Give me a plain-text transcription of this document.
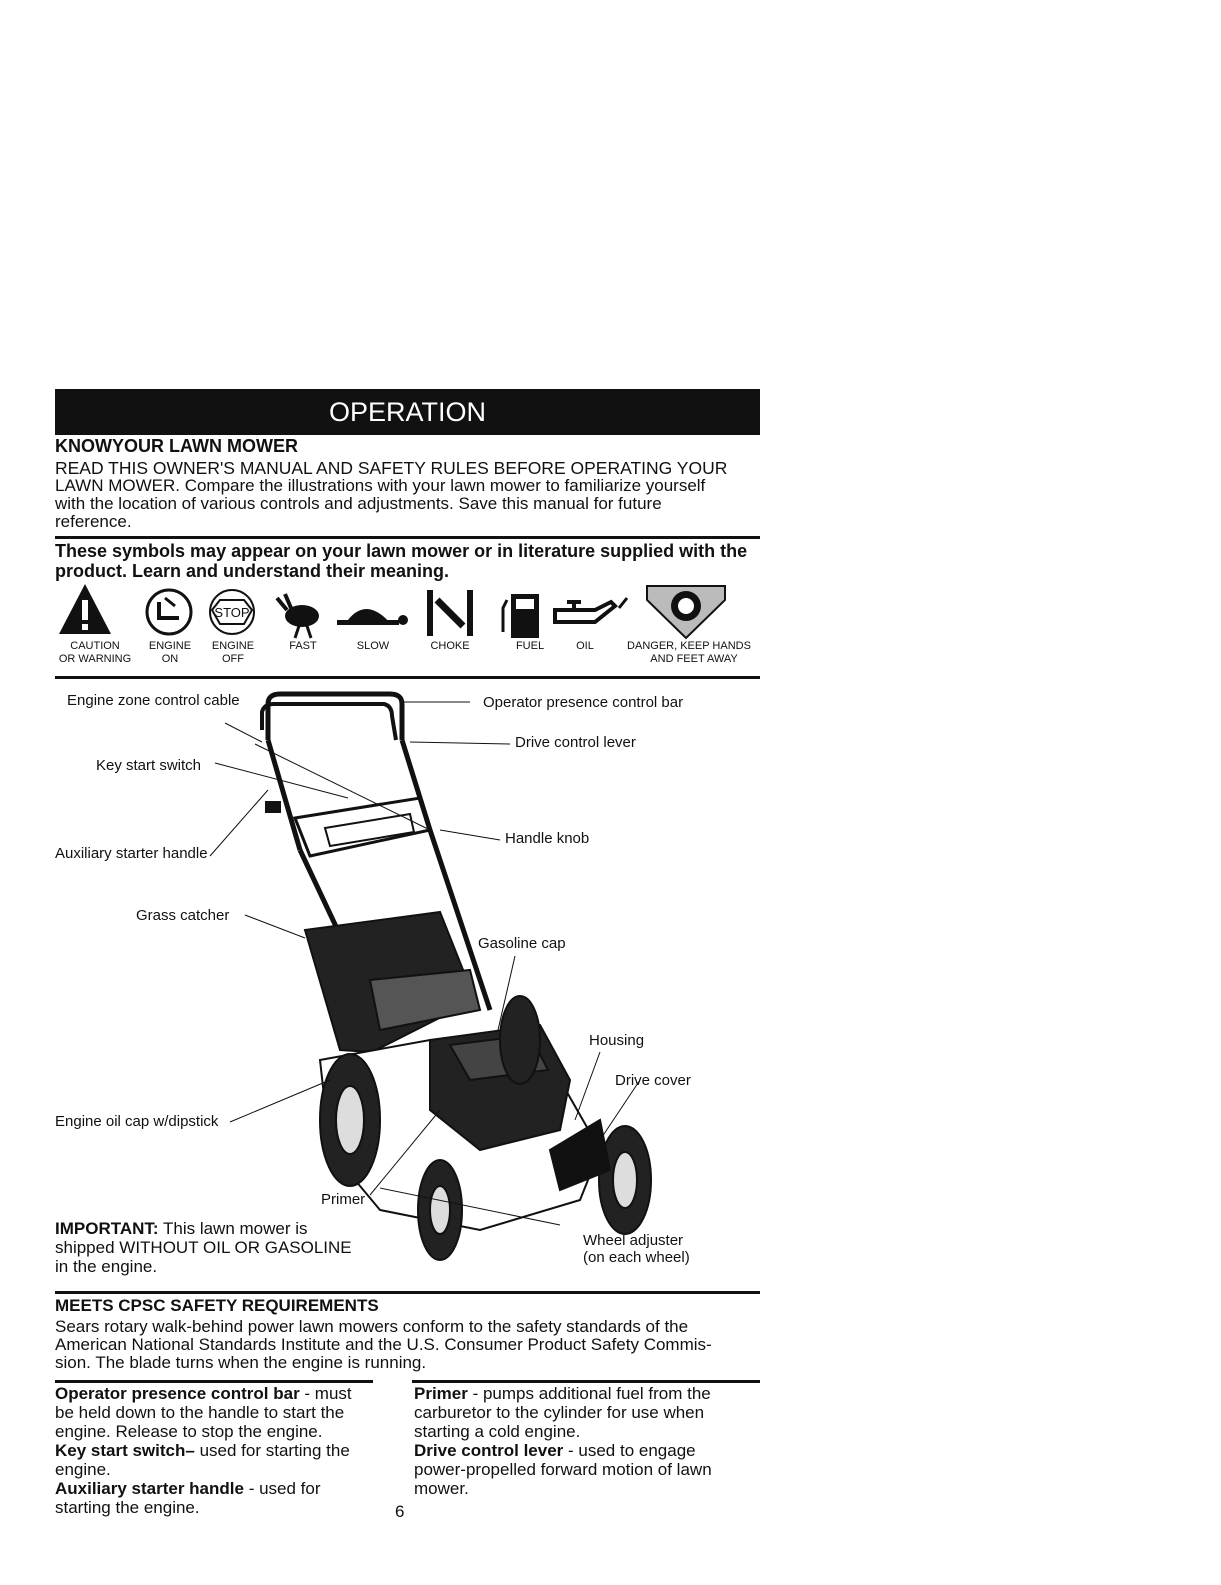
OPERATION
KNOWYOUR LAWN MOWER
READ THIS OWNER'S MANUAL AND SAFETY RULES BEFORE OPERATING YOUR
LAWN MOWER. Compare the illustrations with your lawn mower to familiarize yourself
with the location of various controls and adjustments. Save this manual for future
reference.
These symbols may appear on your lawn mower or in literature supplied with the
product. Learn and understand their meaning.
STOP
CAUTION
OR WARNING
ENGINE
ON
ENGINE
OFF
FAST	SLOW	CHOKE	FUEL	OIL	DANGER, KEEP HANDS
AND FEET AWAY
Engine zone control cable
Key start switch
Auxiliary starter handle
Grass catcher
Engine oil cap w/dipstick
Primer
Operator presence control bar
Drive control lever
Handle knob
Gasoline cap
Housing
Drive cover
Wheel adjuster
(on each wheel)
IMPORTANT: This lawn mower is
shipped WITHOUT OIL OR GASOLINE
in the engine.
MEETS CPSC SAFETY REQUIREMENTS
Sears rotary walk-behind power lawn mowers conform to the safety standards of the
American National Standards Institute and the U.S. Consumer Product Safety Commis-
sion. The blade turns when the engine is running.
Operator presence control bar - must
be held down to the handle to start the
engine. Release to stop the engine.
Key start switch– used for starting the
engine.
Auxiliary starter handle - used for
starting the engine.
Primer - pumps additional fuel from the
carburetor to the cylinder for use when
starting a cold engine.
Drive control lever - used to engage
power-propelled forward motion of lawn
mower.
6
